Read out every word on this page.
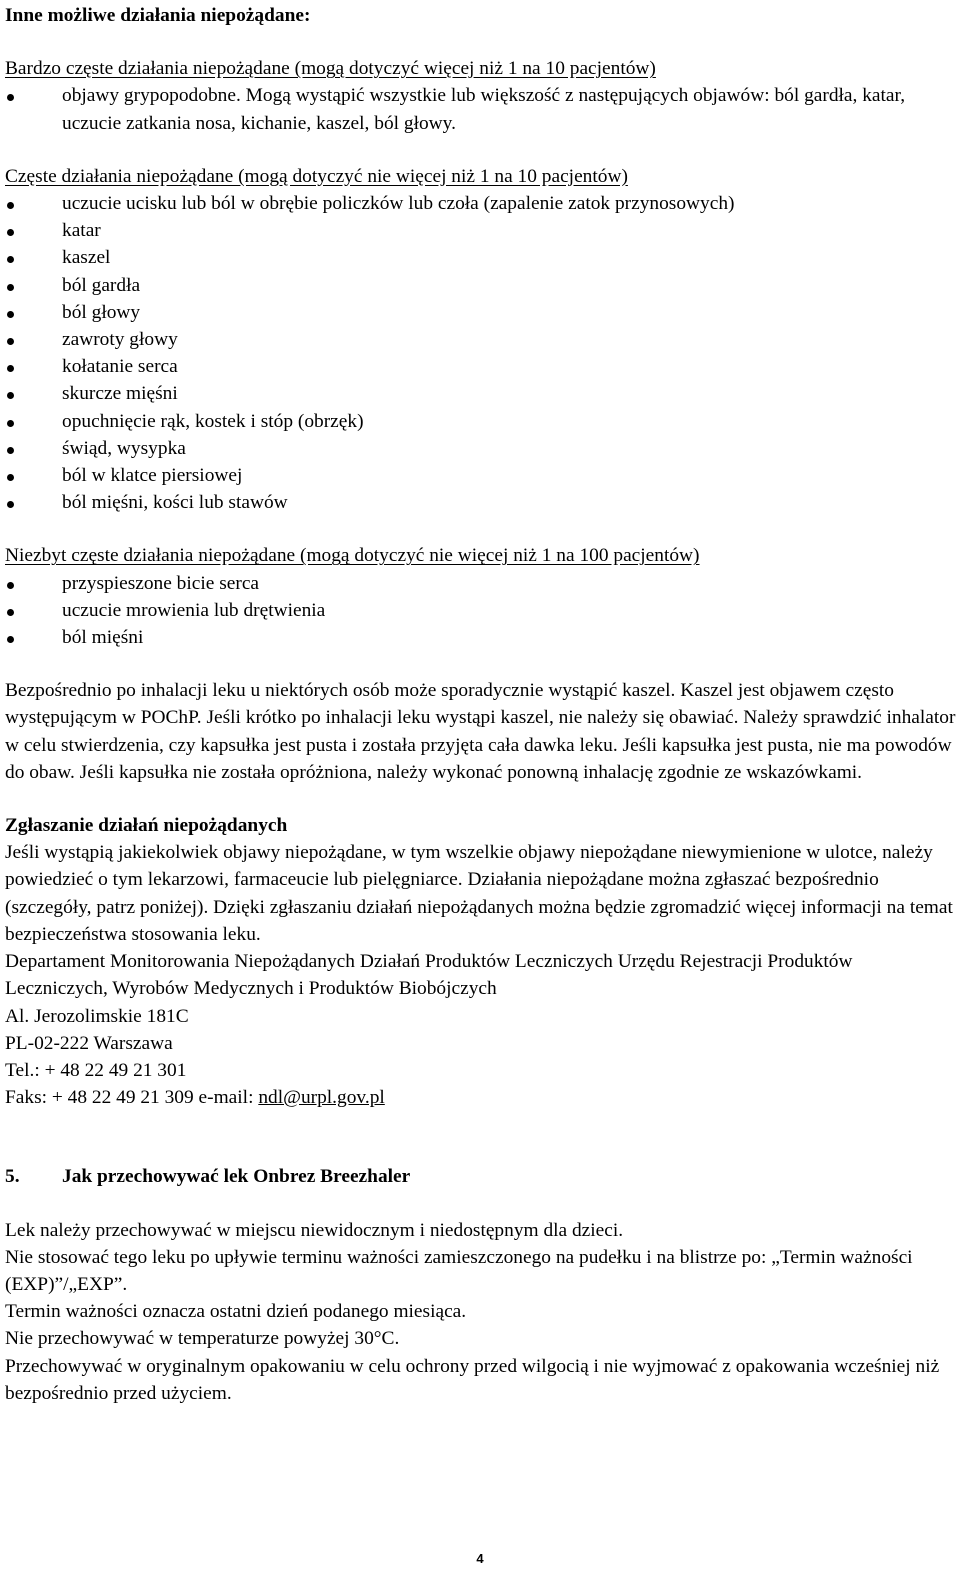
Inne możliwe działania niepożądane:

Bardzo częste działania niepożądane (mogą dotyczyć więcej niż 1 na 10 pacjentów)

objawy grypopodobne. Mogą wystąpić wszystkie lub większość z następujących objawów: ból gardła, katar, uczucie zatkania nosa, kichanie, kaszel, ból głowy.

Częste działania niepożądane (mogą dotyczyć nie więcej niż 1 na 10 pacjentów)

uczucie ucisku lub ból w obrębie policzków lub czoła (zapalenie zatok przynosowych)
katar
kaszel
ból gardła
ból głowy
zawroty głowy
kołatanie serca
skurcze mięśni
opuchnięcie rąk, kostek i stóp (obrzęk)
świąd, wysypka
ból w klatce piersiowej
ból mięśni, kości lub stawów

Niezbyt częste działania niepożądane (mogą dotyczyć nie więcej niż 1 na 100 pacjentów)

przyspieszone bicie serca
uczucie mrowienia lub drętwienia
ból mięśni

Bezpośrednio po inhalacji leku u niektórych osób może sporadycznie wystąpić kaszel. Kaszel jest objawem często występującym w POChP. Jeśli krótko po inhalacji leku wystąpi kaszel, nie należy się obawiać. Należy sprawdzić inhalator w celu stwierdzenia, czy kapsułka jest pusta i została przyjęta cała dawka leku. Jeśli kapsułka jest pusta, nie ma powodów do obaw. Jeśli kapsułka nie została opróżniona, należy wykonać ponowną inhalację zgodnie ze wskazówkami.

Zgłaszanie działań niepożądanych

Jeśli wystąpią jakiekolwiek objawy niepożądane, w tym wszelkie objawy niepożądane niewymienione w ulotce, należy powiedzieć o tym lekarzowi, farmaceucie lub pielęgniarce. Działania niepożądane można zgłaszać bezpośrednio (szczegóły, patrz poniżej). Dzięki zgłaszaniu działań niepożądanych można będzie zgromadzić więcej informacji na temat bezpieczeństwa stosowania leku.

Departament Monitorowania Niepożądanych Działań Produktów Leczniczych Urzędu Rejestracji Produktów Leczniczych, Wyrobów Medycznych i Produktów Biobójczych

Al. Jerozolimskie 181C

PL-02-222 Warszawa

Tel.: + 48 22 49 21 301

Faks: + 48 22 49 21 309 e-mail: ndl@urpl.gov.pl

5.	Jak przechowywać lek Onbrez Breezhaler

Lek należy przechowywać w miejscu niewidocznym i niedostępnym dla dzieci.

Nie stosować tego leku po upływie terminu ważności zamieszczonego na pudełku i na blistrze po: „Termin ważności (EXP)”/„EXP”.

Termin ważności oznacza ostatni dzień podanego miesiąca.

Nie przechowywać w temperaturze powyżej 30°C.

Przechowywać w oryginalnym opakowaniu w celu ochrony przed wilgocią i nie wyjmować z opakowania wcześniej niż bezpośrednio przed użyciem.

4
